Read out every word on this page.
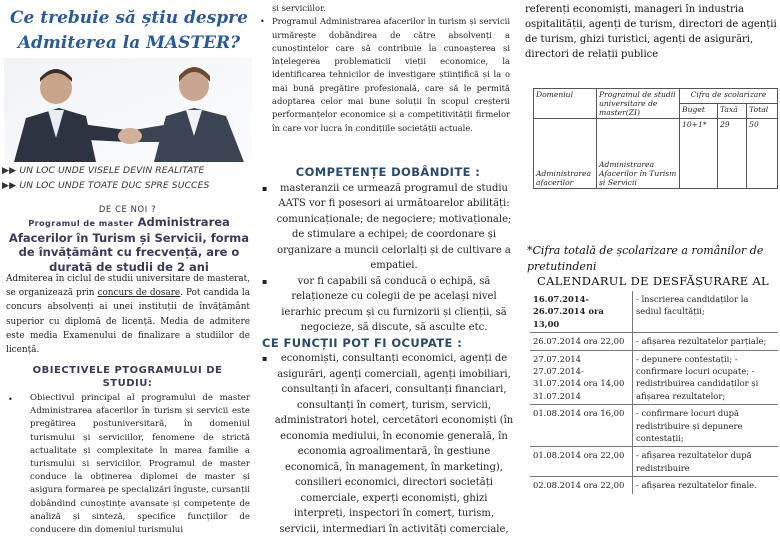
Ce trebuie să știu despre
Admiterea la MASTER?
▶▶ UN LOC UNDE VISELE DEVIN REALITATE
▶▶ UN LOC UNDE TOATE DUC SPRE SUCCES
DE CE NOI ?
Programul de master Administrarea
Afacerilor în Turism și Servicii, forma
de învățământ cu frecvență, are o
durată de studii de 2 ani
Admiterea în ciclul de studii universitare de masterat, se organizează prin concurs de dosare. Pot candida la concurs absolvenți ai unei instituții de învățământ superior cu diplomă de licență. Media de admitere este media Examenului de finalizare a studiilor de licență.
OBIECTIVELE PTOGRAMULUI DE
STUDIU:
• Obiectivul principal al programului de master Administrarea afacerilor în turism și servicii este pregătirea postuniversitară, în domeniul turismului și serviciilor, fenomene de strictă actualitate și complexitate în marea familie a turismului si serviciilor. Programul de master conduce la obținerea diplomei de master și asigura formarea pe specializări înguste, cursanții dobândind cunoștințe avansate și competențe de analiză și sinteză, specifice funcțiilor de conducere din domeniul turismului
și serviciilor.
• Programul Administrarea afacerilor în turism și servicii urmărește dobândirea de către absolvenți a cunoștințelor care să contribuie la cunoașterea și înțelegerea problematicii vieții economice, la identificarea tehnicilor de investigare științifică și la o mai bună pregătire profesională, care să le permită adoptarea celor mai bune soluții în scopul creșterii performanțelor economice și a competitivității firmelor în care vor lucra în condițiile societății actuale.
COMPETENȚE DOBÂNDITE :
▪	masteranzii ce urmează programul de studiu AATS vor fi posesori ai următoarelor abilități: comunicaționale; de negociere; motivaționale; de stimulare a echipei; de coordonare și organizare a muncii celorlalți și de cultivare a empatiei.
▪	vor fi capabili să conducă o echipă, să relaționeze cu colegii de pe același nivel ierarhic precum și cu furnizorii și clienții, să negocieze, să discute, să asculte etc.
CE FUNCȚII POT FI OCUPATE :
▪	economiști, consultanți economici, agenți de asigurări, agenți comerciali, agenți imobiliari, consultanți în afaceri, consultanți financiari, consultanți în comerț, turism, servicii, administratori hotel, cercetători economiști (în economia mediului, în economie generală, în economia agroalimentară, în gestiune economică, în management, în marketing), consilieri economici, directori societăți comerciale, experți economiști, ghizi interpreți, inspectori în comerț, turism, servicii, intermediari în activități comerciale,
referenți economiști, manageri în industria ospitalității, agenți de turism, directori de agenții de turism, ghizi turistici, agenți de asigurări, directori de relații publice
Domeniul	Programul de studii universitare de master(ZI)	Cifra de școlarizare		
		Buget	Taxă	Total
Administrarea afacerilor	Administrarea Afacerilor în Turism și Servicii	10+1*	29	50
*Cifra totală de școlarizare a românilor de pretutindeni
CALENDARUL DE DESFĂȘURARE AL
16.07.2014-26.07.2014 ora 13,00	- înscrierea candidaților la sediul facultății;
26.07.2014 ora 22,00	- afișarea rezultatelor parțiale;
27.07.2014 27.07.2014-31.07.2014 ora 14,00 31.07.2014	- depunere contestații; - confirmare locuri ocupate; - redistribuirea candidaților și afișarea rezultatelor;
01.08.2014 ora 16,00	- confirmare locuri după redistribuire și depunere contestații;
01.08.2014 ora 22,00	- afișarea rezultatelor după redistribuire
02.08.2014 ora 22,00	- afișarea rezultatelor finale.
